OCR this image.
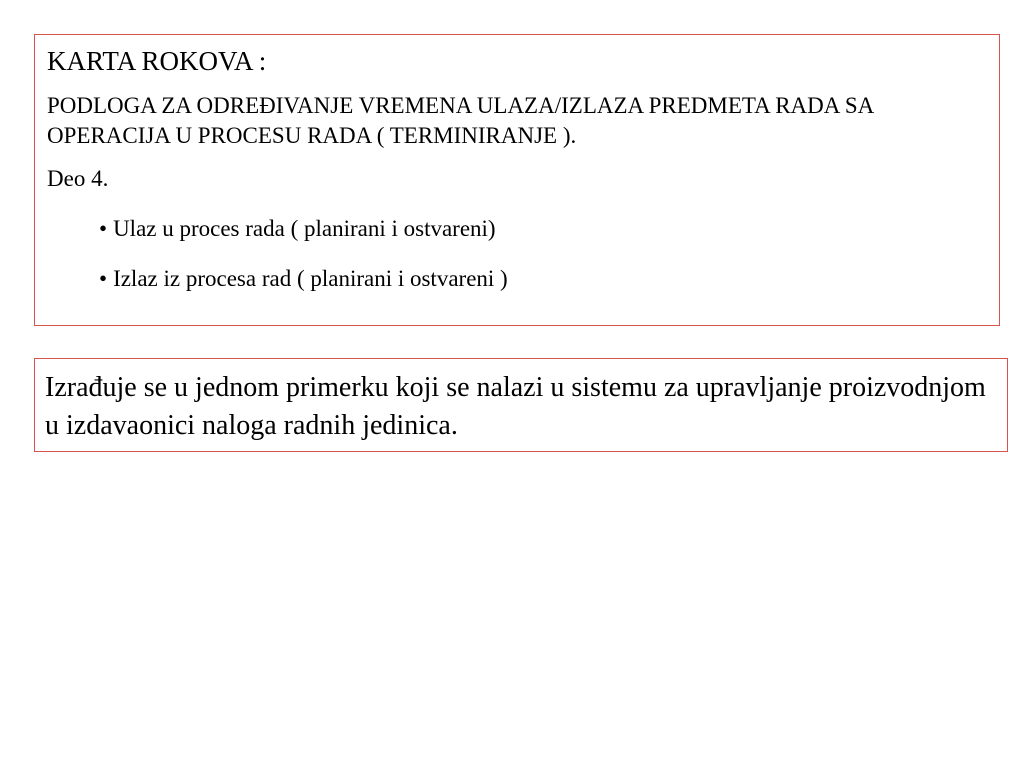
KARTA ROKOVA :

PODLOGA ZA ODREĐIVANJE VREMENA ULAZA/IZLAZA PREDMETA RADA SA OPERACIJA U PROCESU RADA ( TERMINIRANJE ).

Deo 4.

• Ulaz u proces rada ( planirani i ostvareni)
• Izlaz iz procesa rad ( planirani i ostvareni )

Izrađuje se u jednom primerku koji se nalazi u sistemu za upravljanje proizvodnjom u izdavaonici naloga radnih jedinica.
